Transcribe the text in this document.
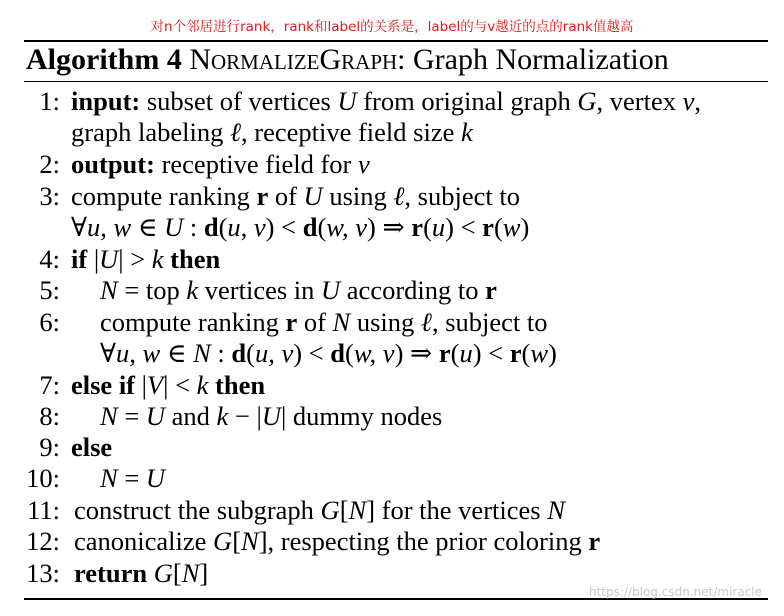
对n个邻居进行rank，rank和label的关系是，label的与v越近的点的rank值越高
Algorithm 4 NormalizeGraph: Graph Normalization
1: input: subset of vertices U from original graph G, vertex v,
graph labeling ℓ, receptive field size k
2: output: receptive field for v
3: compute ranking r of U using ℓ, subject to
∀u, w ∈ U : d(u, v) < d(w, v) ⇒ r(u) < r(w)
4: if |U| > k then
5: N = top k vertices in U according to r
6: compute ranking r of N using ℓ, subject to
∀u, w ∈ N : d(u, v) < d(w, v) ⇒ r(u) < r(w)
7: else if |V| < k then
8: N = U and k − |U| dummy nodes
9: else
10: N = U
11: construct the subgraph G[N] for the vertices N
12: canonicalize G[N], respecting the prior coloring r
13: return G[N]
https://blog.csdn.net/miracle
